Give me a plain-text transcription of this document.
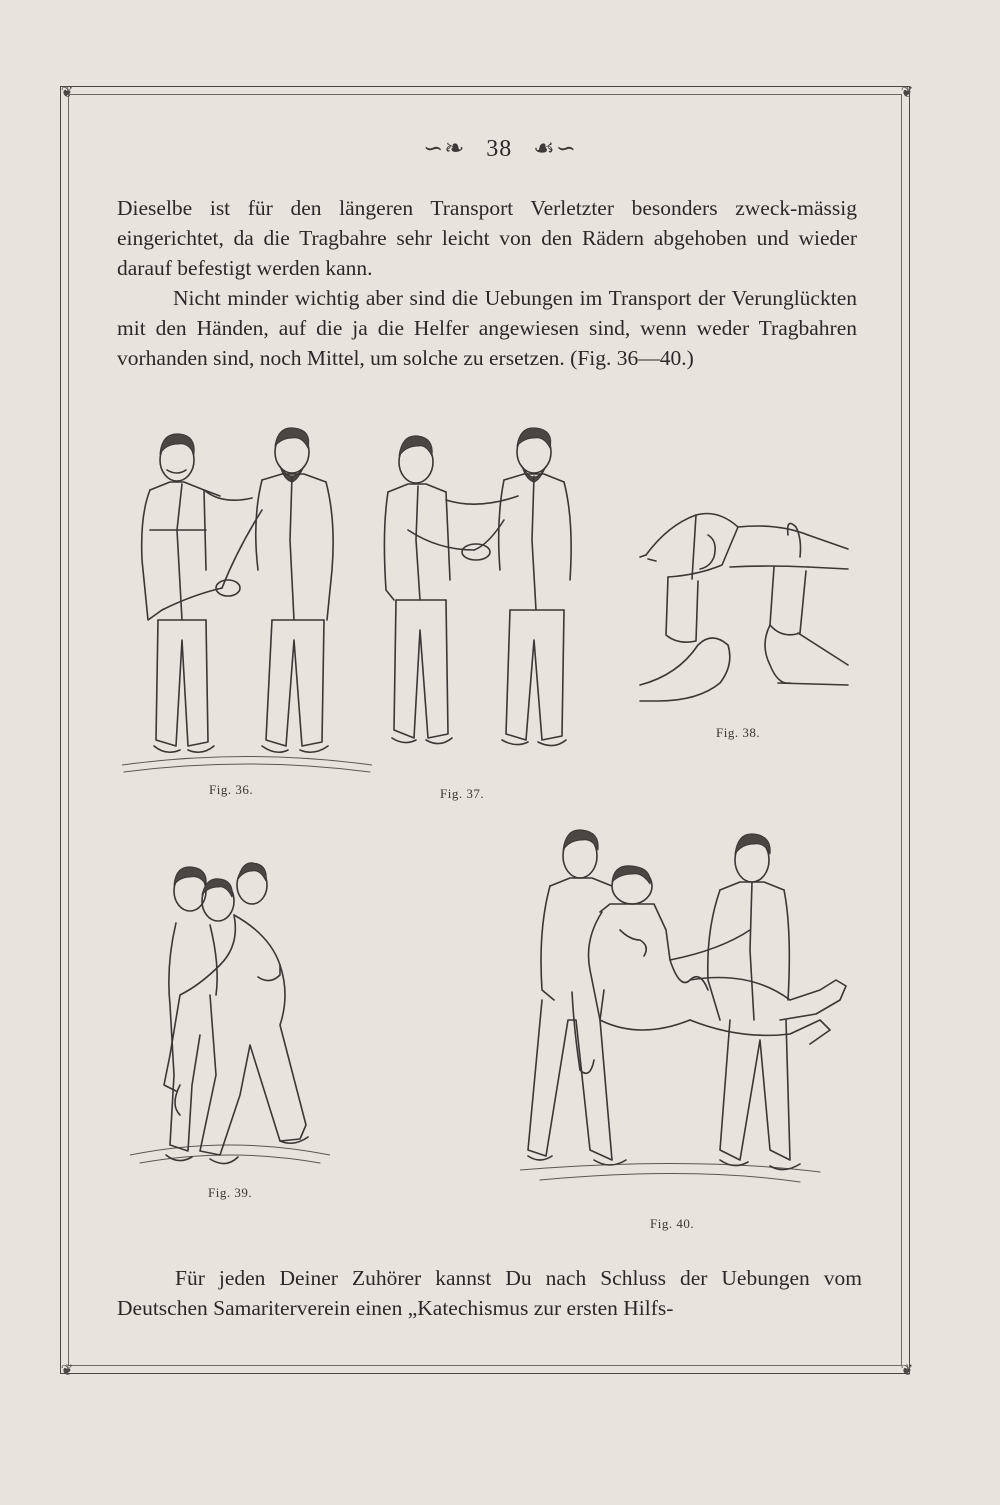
❦	❦
❦	❦
∽❧ 38 ☙∽
Dieselbe ist für den längeren Transport Verletzter besonders zweck-mässig eingerichtet, da die Tragbahre sehr leicht von den Rädern abgehoben und wieder darauf befestigt werden kann.
Nicht minder wichtig aber sind die Uebungen im Transport der Verunglückten mit den Händen, auf die ja die Helfer angewiesen sind, wenn weder Tragbahren vorhanden sind, noch Mittel, um solche zu ersetzen. (Fig. 36—40.)
Fig. 36.	Fig. 37.
Fig. 38.
Fig. 39.
Fig. 40.
Für jeden Deiner Zuhörer kannst Du nach Schluss der Uebungen vom Deutschen Samariterverein einen „Katechismus zur ersten Hilfs-
